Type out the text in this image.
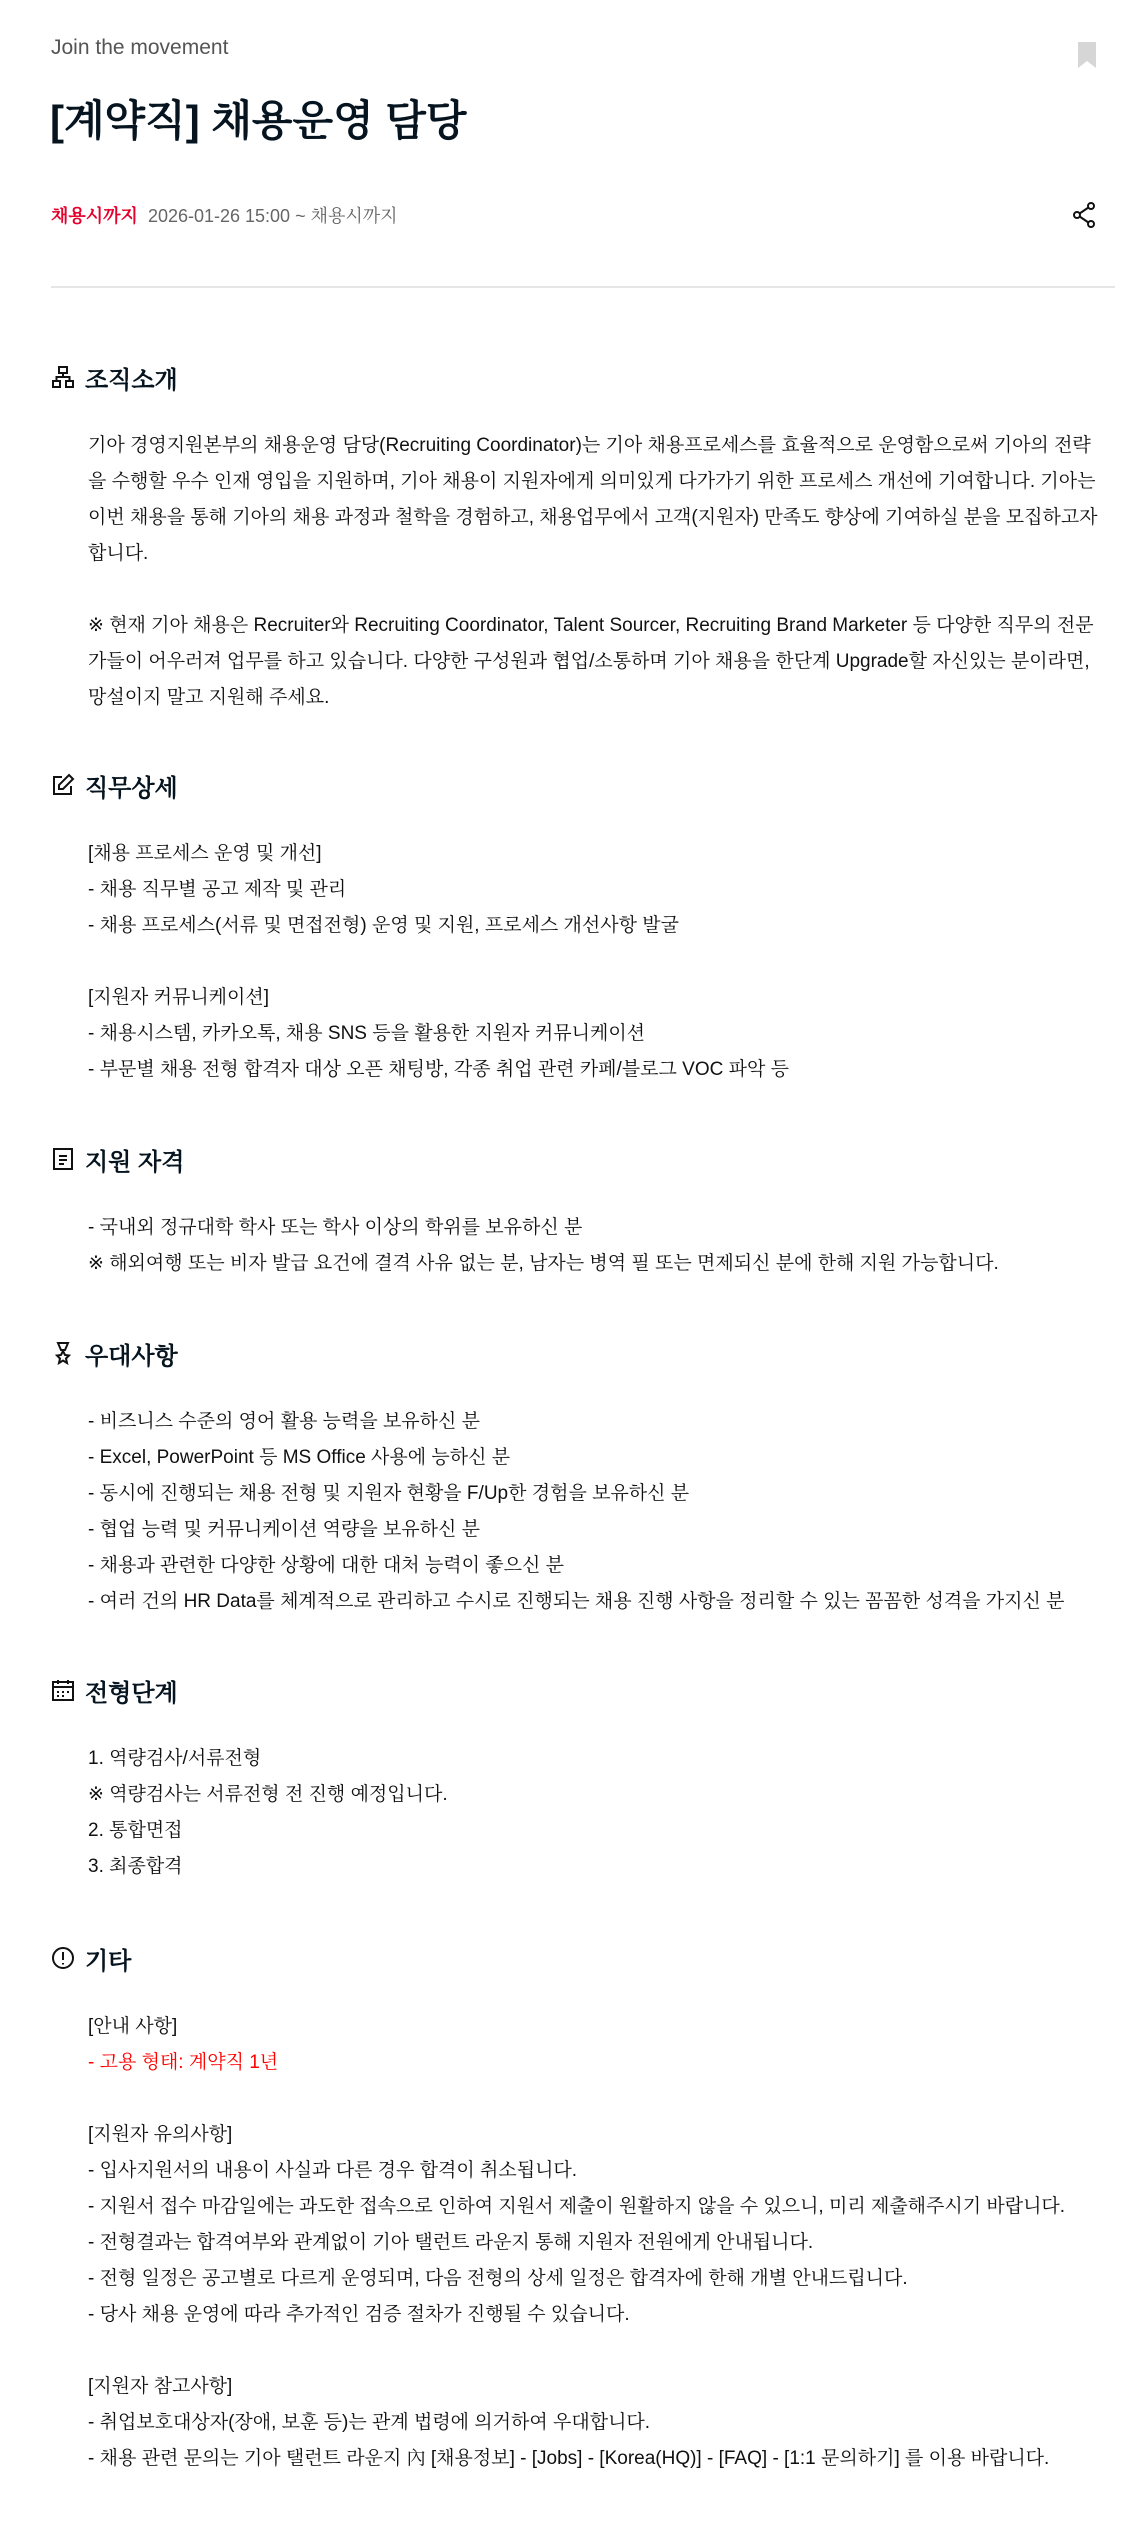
Join the movement
[계약직] 채용운영 담당
채용시까지 2026-01-26 15:00 ~ 채용시까지
조직소개
기아 경영지원본부의 채용운영 담당(Recruiting Coordinator)는 기아 채용프로세스를 효율적으로 운영함으로써 기아의 전략을 수행할 우수 인재 영입을 지원하며, 기아 채용이 지원자에게 의미있게 다가가기 위한 프로세스 개선에 기여합니다. 기아는 이번 채용을 통해 기아의 채용 과정과 철학을 경험하고, 채용업무에서 고객(지원자) 만족도 향상에 기여하실 분을 모집하고자 합니다.
※ 현재 기아 채용은 Recruiter와 Recruiting Coordinator, Talent Sourcer, Recruiting Brand Marketer 등 다양한 직무의 전문가들이 어우러져 업무를 하고 있습니다. 다양한 구성원과 협업/소통하며 기아 채용을 한단계 Upgrade할 자신있는 분이라면, 망설이지 말고 지원해 주세요.
직무상세
[채용 프로세스 운영 및 개선]
- 채용 직무별 공고 제작 및 관리
- 채용 프로세스(서류 및 면접전형) 운영 및 지원, 프로세스 개선사항 발굴
[지원자 커뮤니케이션]
- 채용시스템, 카카오톡, 채용 SNS 등을 활용한 지원자 커뮤니케이션
- 부문별 채용 전형 합격자 대상 오픈 채팅방, 각종 취업 관련 카페/블로그 VOC 파악 등
지원 자격
- 국내외 정규대학 학사 또는 학사 이상의 학위를 보유하신 분
※ 해외여행 또는 비자 발급 요건에 결격 사유 없는 분, 남자는 병역 필 또는 면제되신 분에 한해 지원 가능합니다.
우대사항
- 비즈니스 수준의 영어 활용 능력을 보유하신 분
- Excel, PowerPoint 등 MS Office 사용에 능하신 분
- 동시에 진행되는 채용 전형 및 지원자 현황을 F/Up한 경험을 보유하신 분
- 협업 능력 및 커뮤니케이션 역량을 보유하신 분
- 채용과 관련한 다양한 상황에 대한 대처 능력이 좋으신 분
- 여러 건의 HR Data를 체계적으로 관리하고 수시로 진행되는 채용 진행 사항을 정리할 수 있는 꼼꼼한 성격을 가지신 분
전형단계
1. 역량검사/서류전형
※ 역량검사는 서류전형 전 진행 예정입니다.
2. 통합면접
3. 최종합격
기타
[안내 사항]
- 고용 형태: 계약직 1년
[지원자 유의사항]
- 입사지원서의 내용이 사실과 다른 경우 합격이 취소됩니다.
- 지원서 접수 마감일에는 과도한 접속으로 인하여 지원서 제출이 원활하지 않을 수 있으니, 미리 제출해주시기 바랍니다.
- 전형결과는 합격여부와 관계없이 기아 탤런트 라운지 통해 지원자 전원에게 안내됩니다.
- 전형 일정은 공고별로 다르게 운영되며, 다음 전형의 상세 일정은 합격자에 한해 개별 안내드립니다.
- 당사 채용 운영에 따라 추가적인 검증 절차가 진행될 수 있습니다.
[지원자 참고사항]
- 취업보호대상자(장애, 보훈 등)는 관계 법령에 의거하여 우대합니다.
- 채용 관련 문의는 기아 탤런트 라운지 內 [채용정보] - [Jobs] - [Korea(HQ)] - [FAQ] - [1:1 문의하기] 를 이용 바랍니다.
